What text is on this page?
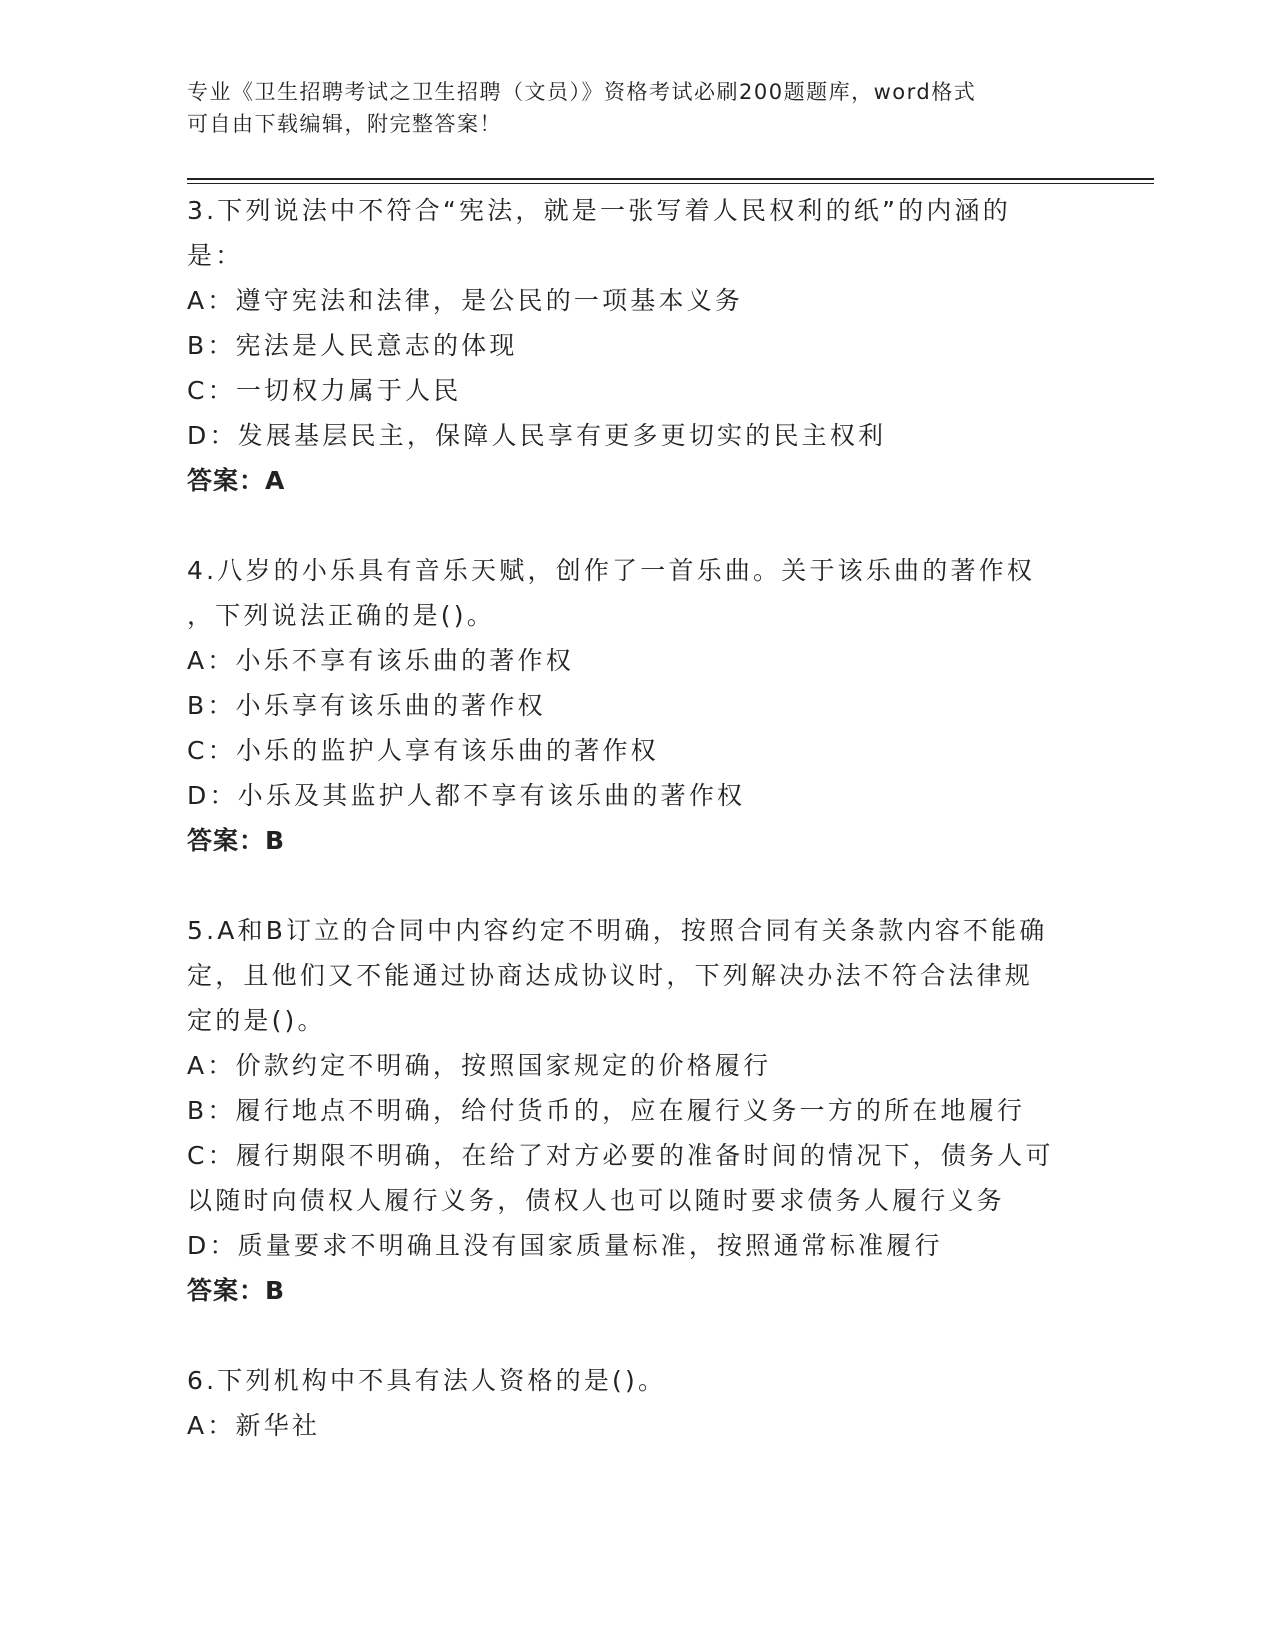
专业《卫生招聘考试之卫生招聘（文员）》资格考试必刷200题题库，word格式
可自由下载编辑，附完整答案！
3.下列说法中不符合“宪法，就是一张写着人民权利的纸”的内涵的
是：
A：遵守宪法和法律，是公民的一项基本义务
B：宪法是人民意志的体现
C：一切权力属于人民
D：发展基层民主，保障人民享有更多更切实的民主权利
答案：A
4.八岁的小乐具有音乐天赋，创作了一首乐曲。关于该乐曲的著作权
，下列说法正确的是()。
A：小乐不享有该乐曲的著作权
B：小乐享有该乐曲的著作权
C：小乐的监护人享有该乐曲的著作权
D：小乐及其监护人都不享有该乐曲的著作权
答案：B
5.A和B订立的合同中内容约定不明确，按照合同有关条款内容不能确
定，且他们又不能通过协商达成协议时，下列解决办法不符合法律规
定的是()。
A：价款约定不明确，按照国家规定的价格履行
B：履行地点不明确，给付货币的，应在履行义务一方的所在地履行
C：履行期限不明确，在给了对方必要的准备时间的情况下，债务人可
以随时向债权人履行义务，债权人也可以随时要求债务人履行义务
D：质量要求不明确且没有国家质量标准，按照通常标准履行
答案：B
6.下列机构中不具有法人资格的是()。
A：新华社
